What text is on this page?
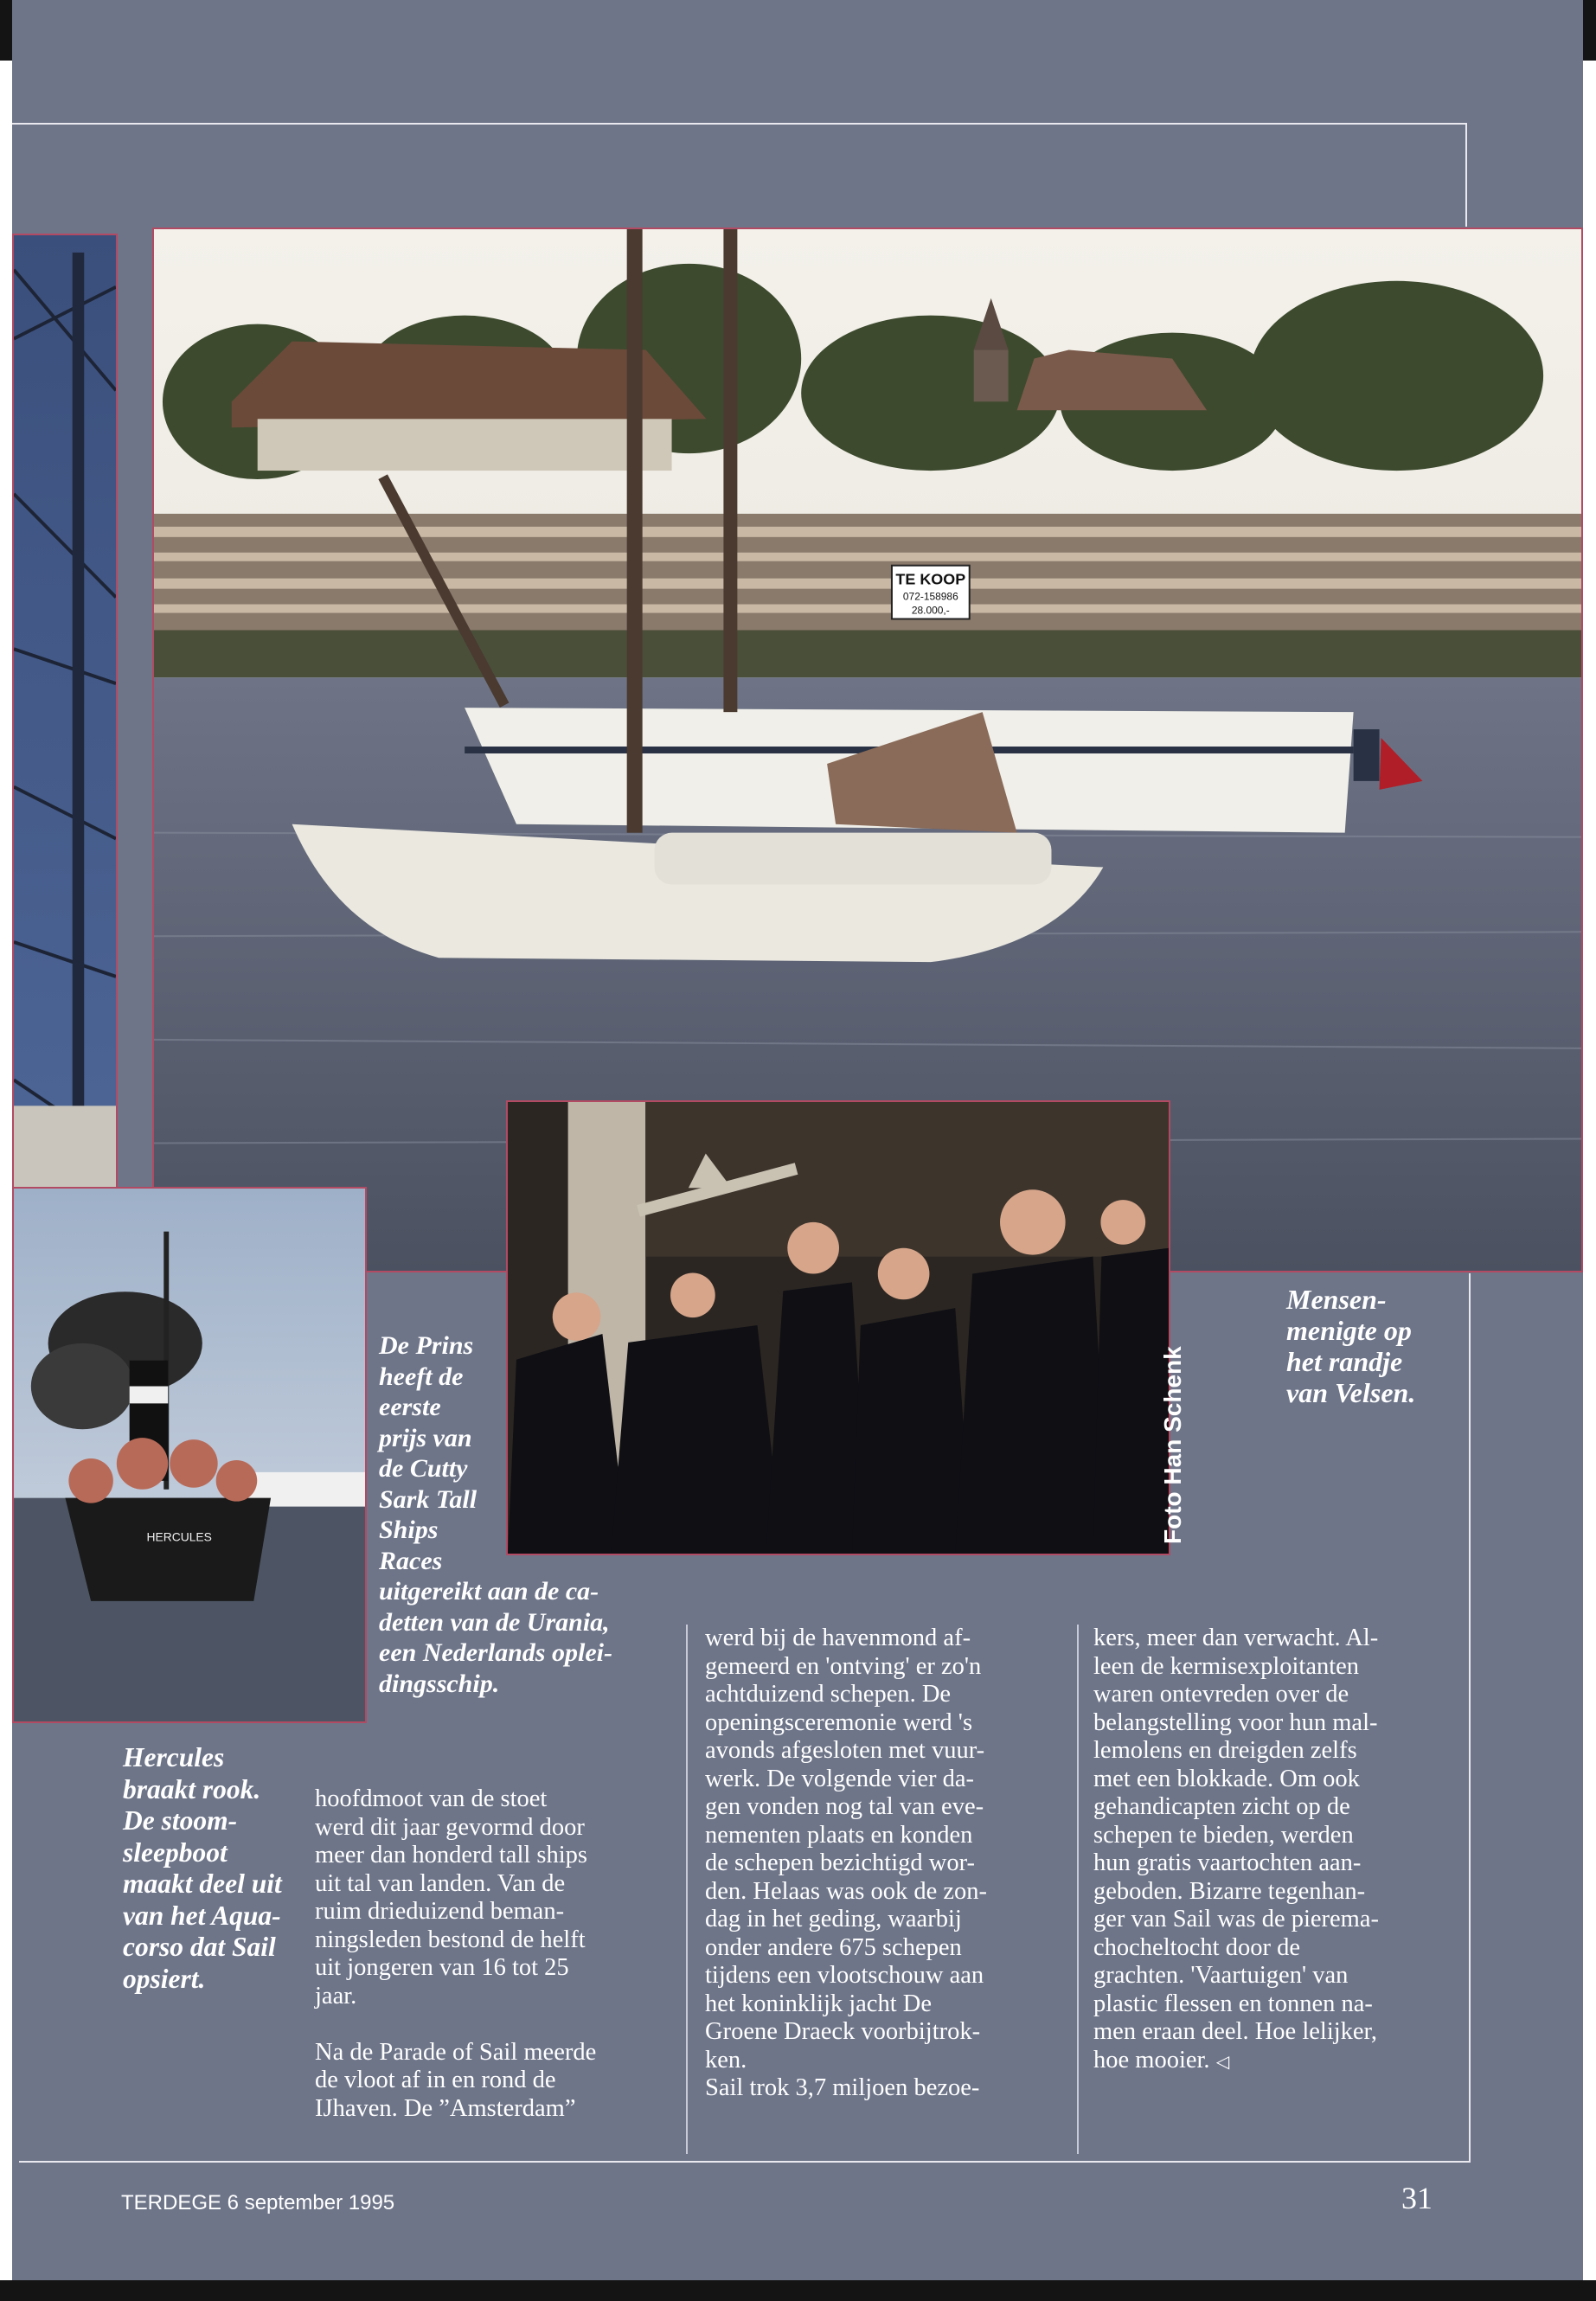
TE KOOP
072-158986
28.000,-
HERCULES
De Prins
heeft de
eerste
prijs van
de Cutty
Sark Tall
Ships
Races
uitgereikt aan de ca-
detten van de Urania,
een Nederlands oplei-
dingsschip.
Mensen-
menigte op
het randje
van Velsen.
Hercules
braakt rook.
De stoom-
sleepboot
maakt deel uit
van het Aqua-
corso dat Sail
opsiert.
Foto Han Schenk
hoofdmoot van de stoet
werd dit jaar gevormd door
meer dan honderd tall ships
uit tal van landen. Van de
ruim drieduizend beman-
ningsleden bestond de helft
uit jongeren van 16 tot 25
jaar.

Na de Parade of Sail meerde
de vloot af in en rond de
IJhaven. De ”Amsterdam”
werd bij de havenmond af-
gemeerd en 'ontving' er zo'n
achtduizend schepen. De
openingsceremonie werd 's
avonds afgesloten met vuur-
werk. De volgende vier da-
gen vonden nog tal van eve-
nementen plaats en konden
de schepen bezichtigd wor-
den. Helaas was ook de zon-
dag in het geding, waarbij
onder andere 675 schepen
tijdens een vlootschouw aan
het koninklijk jacht De
Groene Draeck voorbijtrok-
ken.
Sail trok 3,7 miljoen bezoe-
kers, meer dan verwacht. Al-
leen de kermisexploitanten
waren ontevreden over de
belangstelling voor hun mal-
lemolens en dreigden zelfs
met een blokkade. Om ook
gehandicapten zicht op de
schepen te bieden, werden
hun gratis vaartochten aan-
geboden. Bizarre tegenhan-
ger van Sail was de pierema-
chocheltocht door de
grachten. 'Vaartuigen' van
plastic flessen en tonnen na-
men eraan deel. Hoe lelijker,
hoe mooier. ◁
TERDEGE 6 september 1995	31
